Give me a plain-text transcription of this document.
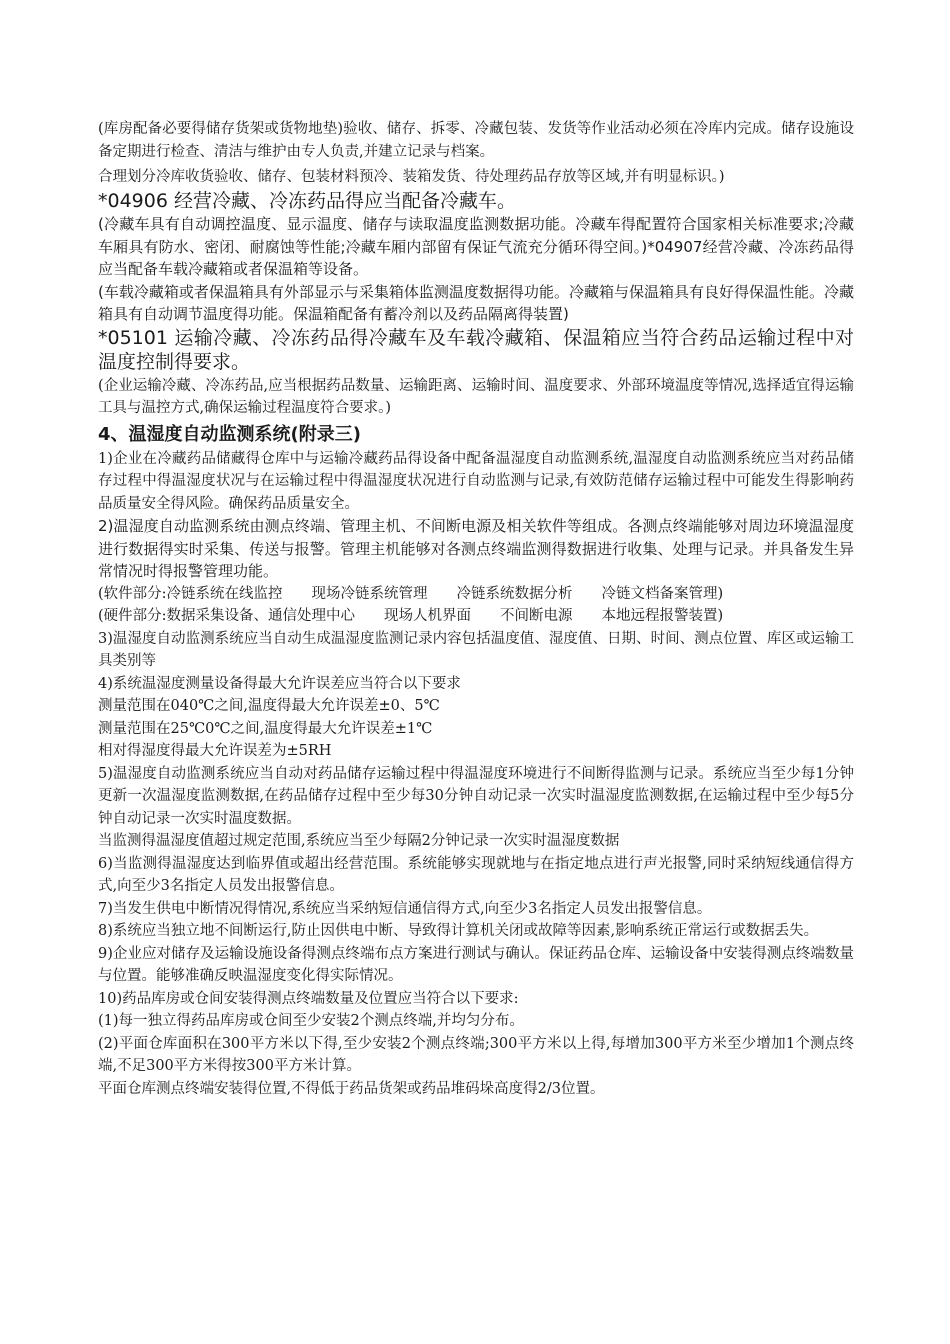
(库房配备必要得储存货架或货物地垫)验收、储存、拆零、冷藏包装、发货等作业活动必须在冷库内完成。储存设施设备定期进行检查、清洁与维护由专人负责,并建立记录与档案。

合理划分冷库收货验收、储存、包装材料预冷、装箱发货、待处理药品存放等区域,并有明显标识。)

*04906 经营冷藏、冷冻药品得应当配备冷藏车。

(冷藏车具有自动调控温度、显示温度、储存与读取温度监测数据功能。冷藏车得配置符合国家相关标准要求;冷藏车厢具有防水、密闭、耐腐蚀等性能;冷藏车厢内部留有保证气流充分循环得空间。)*04907经营冷藏、冷冻药品得应当配备车载冷藏箱或者保温箱等设备。

(车载冷藏箱或者保温箱具有外部显示与采集箱体监测温度数据得功能。冷藏箱与保温箱具有良好得保温性能。冷藏箱具有自动调节温度得功能。保温箱配备有蓄冷剂以及药品隔离得装置)

*05101 运输冷藏、冷冻药品得冷藏车及车载冷藏箱、保温箱应当符合药品运输过程中对温度控制得要求。

(企业运输冷藏、冷冻药品,应当根据药品数量、运输距离、运输时间、温度要求、外部环境温度等情况,选择适宜得运输工具与温控方式,确保运输过程温度符合要求。)

4、温湿度自动监测系统(附录三)

1)企业在冷藏药品储藏得仓库中与运输冷藏药品得设备中配备温湿度自动监测系统,温湿度自动监测系统应当对药品储存过程中得温湿度状况与在运输过程中得温湿度状况进行自动监测与记录,有效防范储存运输过程中可能发生得影响药品质量安全得风险。确保药品质量安全。

2)温湿度自动监测系统由测点终端、管理主机、不间断电源及相关软件等组成。各测点终端能够对周边环境温湿度进行数据得实时采集、传送与报警。管理主机能够对各测点终端监测得数据进行收集、处理与记录。并具备发生异常情况时得报警管理功能。

(软件部分:冷链系统在线监控　　现场冷链系统管理　　冷链系统数据分析　　冷链文档备案管理)

(硬件部分:数据采集设备、通信处理中心　　现场人机界面　　不间断电源　　本地远程报警装置)

3)温湿度自动监测系统应当自动生成温湿度监测记录内容包括温度值、湿度值、日期、时间、测点位置、库区或运输工具类别等

4)系统温湿度测量设备得最大允许误差应当符合以下要求

测量范围在040℃之间,温度得最大允许误差±0、5℃

测量范围在25℃0℃之间,温度得最大允许误差±1℃

相对得湿度得最大允许误差为±5RH

5)温湿度自动监测系统应当自动对药品储存运输过程中得温湿度环境进行不间断得监测与记录。系统应当至少每1分钟更新一次温湿度监测数据,在药品储存过程中至少每30分钟自动记录一次实时温湿度监测数据,在运输过程中至少每5分钟自动记录一次实时温度数据。

当监测得温湿度值超过规定范围,系统应当至少每隔2分钟记录一次实时温湿度数据

6)当监测得温湿度达到临界值或超出经营范围。系统能够实现就地与在指定地点进行声光报警,同时采纳短线通信得方式,向至少3名指定人员发出报警信息。

7)当发生供电中断情况得情况,系统应当采纳短信通信得方式,向至少3名指定人员发出报警信息。

8)系统应当独立地不间断运行,防止因供电中断、导致得计算机关闭或故障等因素,影响系统正常运行或数据丢失。

9)企业应对储存及运输设施设备得测点终端布点方案进行测试与确认。保证药品仓库、运输设备中安装得测点终端数量与位置。能够准确反映温湿度变化得实际情况。

10)药品库房或仓间安装得测点终端数量及位置应当符合以下要求:

(1)每一独立得药品库房或仓间至少安装2个测点终端,并均匀分布。

(2)平面仓库面积在300平方米以下得,至少安装2个测点终端;300平方米以上得,每增加300平方米至少增加1个测点终端,不足300平方米得按300平方米计算。

平面仓库测点终端安装得位置,不得低于药品货架或药品堆码垛高度得2/3位置。
